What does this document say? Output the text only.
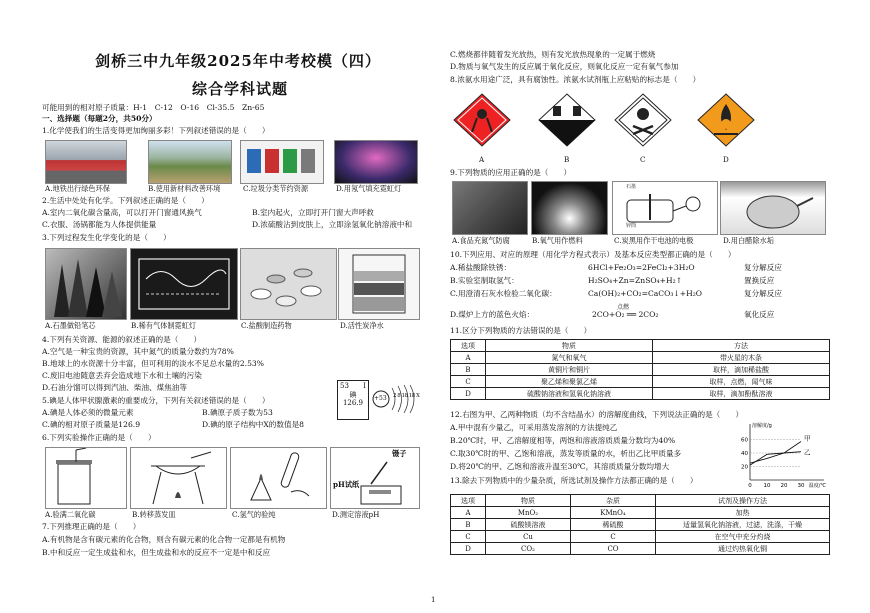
剑桥三中九年级2025年中考校模（四）
综合学科试题
可能用到的相对原子质量：H-1　C-12　O-16　Cl-35.5　Zn-65
一、选择题（每题2分，共50分）
1.化学使我们的生活变得更加绚丽多彩！下列叙述错误的是（　　）
A.地铁出行绿色环保	B.使用新材料改善环境	C.垃圾分类节约资源	D.用氖气填充霓虹灯
2.生活中处处有化学。下列叙述正确的是（　　）
A.室内二氧化碳含量高，可以打开门窗通风换气	B.室内起火，立即打开门窗大声呼救
C.衣服、汤锅都能为人体提供能量	D.浓硫酸沾到皮肤上，立即涂氢氧化钠溶液中和
3.下列过程发生化学变化的是（　　）
A.石墨做铅笔芯	B.稀有气体制霓虹灯	C.盐酸制造药物	D.活性炭净水
4.下列有关资源、能源的叙述正确的是（　　）
A.空气是一种宝贵的资源，其中氮气的质量分数约为78%
B.地球上的水资源十分丰富，但可利用的淡水不足总水量的2.53%
C.废旧电池随意丢弃会造成地下水和土壤的污染
D.石油分馏可以得到汽油、柴油、煤焦油等
5.碘是人体甲状腺激素的重要成分，下列有关叙述错误的是（　　）
A.碘是人体必须的微量元素	B.碘原子质子数为53
C.碘的相对原子质量是126.9	D.碘的原子结构中X的数值是8
53 I
碘
126.9
+53 2 8 18 18 X
6.下列实验操作正确的是（　　）
镊子
pH试纸
A.验满二氧化碳	B.转移蒸发皿	C.氢气的验纯	D.测定溶液pH
7.下列推理正确的是（　　）
A.有机物是含有碳元素的化合物，则含有碳元素的化合物一定都是有机物
B.中和反应一定生成盐和水，但生成盐和水的反应不一定是中和反应
C.燃烧都伴随着发光放热，则有发光放热现象的一定属于燃烧
D.物质与氧气发生的反应属于氧化反应，则氧化反应一定有氧气参加
8.浓氨水用途广泛，具有腐蚀性。浓氨水试剂瓶上应粘贴的标志是（　　）
A	B	C	D
9.下列物质的应用正确的是（　　）
石墨
锌筒
A.食品充氮气防腐	B.氧气用作燃料	C.炭黑用作干电池的电极	D.用白醋除水垢
10.下列应用、对应的原理（用化学方程式表示）及基本反应类型都正确的是（　　）
A.稀盐酸除铁锈：	6HCl+Fe₂O₃=2FeCl₂+3H₂O	复分解反应
B.实验室制取氢气：	H₂SO₄+Zn=ZnSO₄+H₂↑	置换反应
C.用澄清石灰水检验二氧化碳：	Ca(OH)₂+CO₂=CaCO₃↓+H₂O	复分解反应
D.煤炉上方的蓝色火焰：
点燃
2CO+O₂ ══ 2CO₂	氧化反应
11.区分下列物质的方法错误的是（　　）
选项	物质	方法
A	氮气和氧气	带火星的木条
B	黄铜片和铜片	取样，滴加稀盐酸
C	聚乙烯和聚氯乙烯	取样，点燃，闻气味
D	硫酸钠溶液和氢氧化钠溶液	取样，滴加酚酞溶液
12.右图为甲、乙两种物质（均不含结晶水）的溶解度曲线，下列说法正确的是（　　）
A.甲中混有少量乙，可采用蒸发溶剂的方法提纯乙
B.20℃时，甲、乙溶解度相等，两饱和溶液溶质质量分数均为40%
C.取30℃时的甲、乙饱和溶液，蒸发等质量的水，析出乙比甲质量多
D.将20℃的甲、乙饱和溶液升温至30℃，其溶质质量分数均增大	20
40
60
0 10 20 30 温度/℃
溶解度/g
甲
乙
13.除去下列物质中的少量杂质，所选试剂及操作方法都正确的是（　　）
选项	物质	杂质	试剂及操作方法
A	MnO₂	KMnO₄	加热
B	硫酸镁溶液	稀硫酸	适量氢氧化钠溶液，过滤，洗涤，干燥
C	Cu	C	在空气中充分灼烧
D	CO₂	CO	通过灼热氧化铜
1
